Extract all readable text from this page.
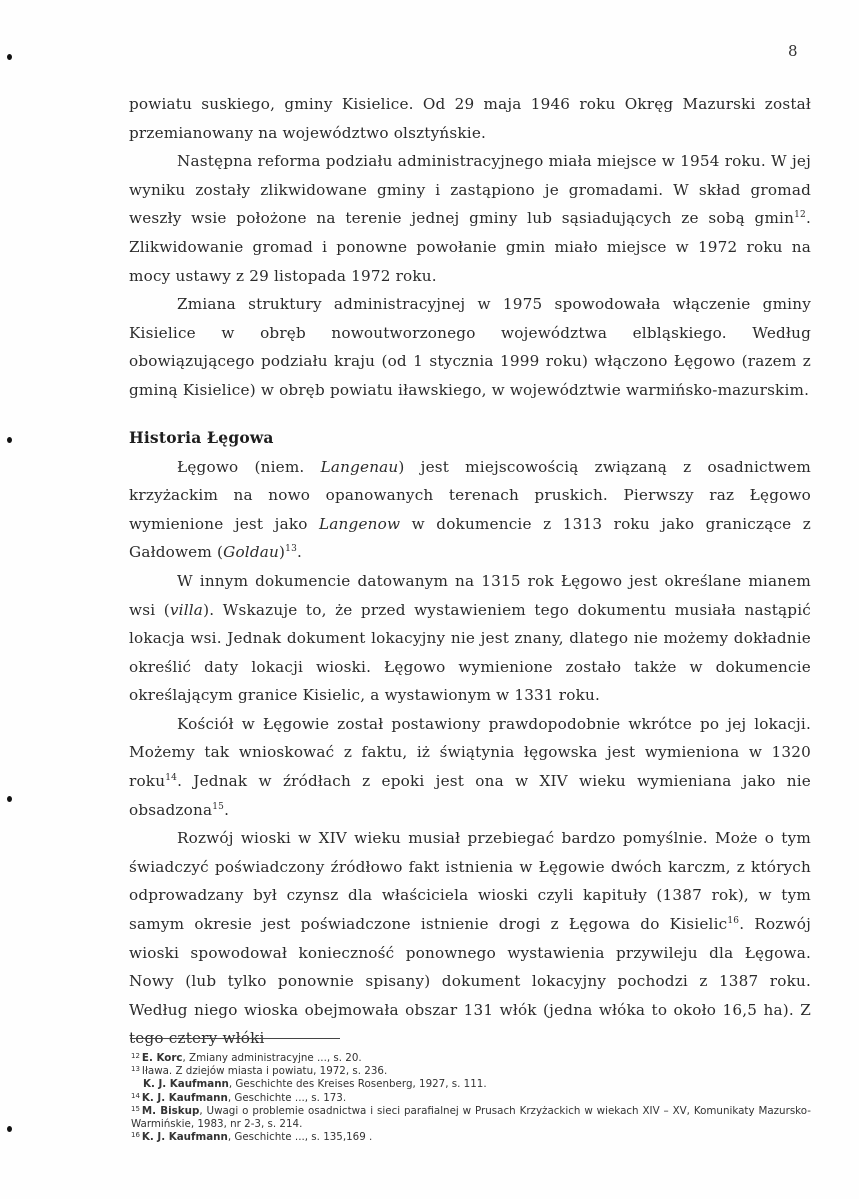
8

powiatu suskiego, gminy Kisielice. Od 29 maja 1946 roku Okręg Mazurski został przemianowany na województwo olsztyńskie.

Następna reforma podziału administracyjnego miała miejsce w 1954 roku. W jej wyniku zostały zlikwidowane gminy i zastąpiono je gromadami. W skład gromad weszły wsie położone na terenie jednej gminy lub sąsiadujących ze sobą gmin$^{12}$. Zlikwidowanie gromad i ponowne powołanie gmin miało miejsce w 1972 roku na mocy ustawy z 29 listopada 1972 roku.

Zmiana struktury administracyjnej w 1975 spowodowała włączenie gminy Kisielice w obręb nowoutworzonego województwa elbląskiego. Według obowiązującego podziału kraju (od 1 stycznia 1999 roku) włączono Łęgowo (razem z gminą Kisielice) w obręb powiatu iławskiego, w województwie warmińsko-mazurskim.

Historia Łęgowa

Łęgowo (niem. Langenau) jest miejscowością związaną z osadnictwem krzyżackim na nowo opanowanych terenach pruskich. Pierwszy raz Łęgowo wymienione jest jako Langenow w dokumencie z 1313 roku jako graniczące z Gałdowem (Goldau)$^{13}$.

W innym dokumencie datowanym na 1315 rok Łęgowo jest określane mianem wsi (villa). Wskazuje to, że przed wystawieniem tego dokumentu musiała nastąpić lokacja wsi. Jednak dokument lokacyjny nie jest znany, dlatego nie możemy dokładnie określić daty lokacji wioski. Łęgowo wymienione zostało także w dokumencie określającym granice Kisielic, a wystawionym w 1331 roku.

Kościół w Łęgowie został postawiony prawdopodobnie wkrótce po jej lokacji. Możemy tak wnioskować z faktu, iż świątynia łęgowska jest wymieniona w 1320 roku$^{14}$. Jednak w źródłach z epoki jest ona w XIV wieku wymieniana jako nie obsadzona$^{15}$.

Rozwój wioski w XIV wieku musiał przebiegać bardzo pomyślnie. Może o tym świadczyć poświadczony źródłowo fakt istnienia w Łęgowie dwóch karczm, z których odprowadzany był czynsz dla właściciela wioski czyli kapituły (1387 rok), w tym samym okresie jest poświadczone istnienie drogi z Łęgowa do Kisielic$^{16}$. Rozwój wioski spowodował konieczność ponownego wystawienia przywileju dla Łęgowa. Nowy (lub tylko ponownie spisany) dokument lokacyjny pochodzi z 1387 roku. Według niego wioska obejmowała obszar 131 włók (jedna włóka to około 16,5 ha). Z tego cztery włóki

$^{12}$ E. Korc, Zmiany administracyjne ..., s. 20.
$^{13}$ Iława. Z dziejów miasta i powiatu, 1972, s. 236.
K. J. Kaufmann, Geschichte des Kreises Rosenberg, 1927, s. 111.
$^{14}$ K. J. Kaufmann, Geschichte ..., s. 173.
$^{15}$ M. Biskup, Uwagi o problemie osadnictwa i sieci parafialnej w Prusach Krzyżackich w wiekach XIV – XV, Komunikaty Mazursko-Warmińskie, 1983, nr 2-3, s. 214.
$^{16}$ K. J. Kaufmann, Geschichte ..., s. 135,169 .
